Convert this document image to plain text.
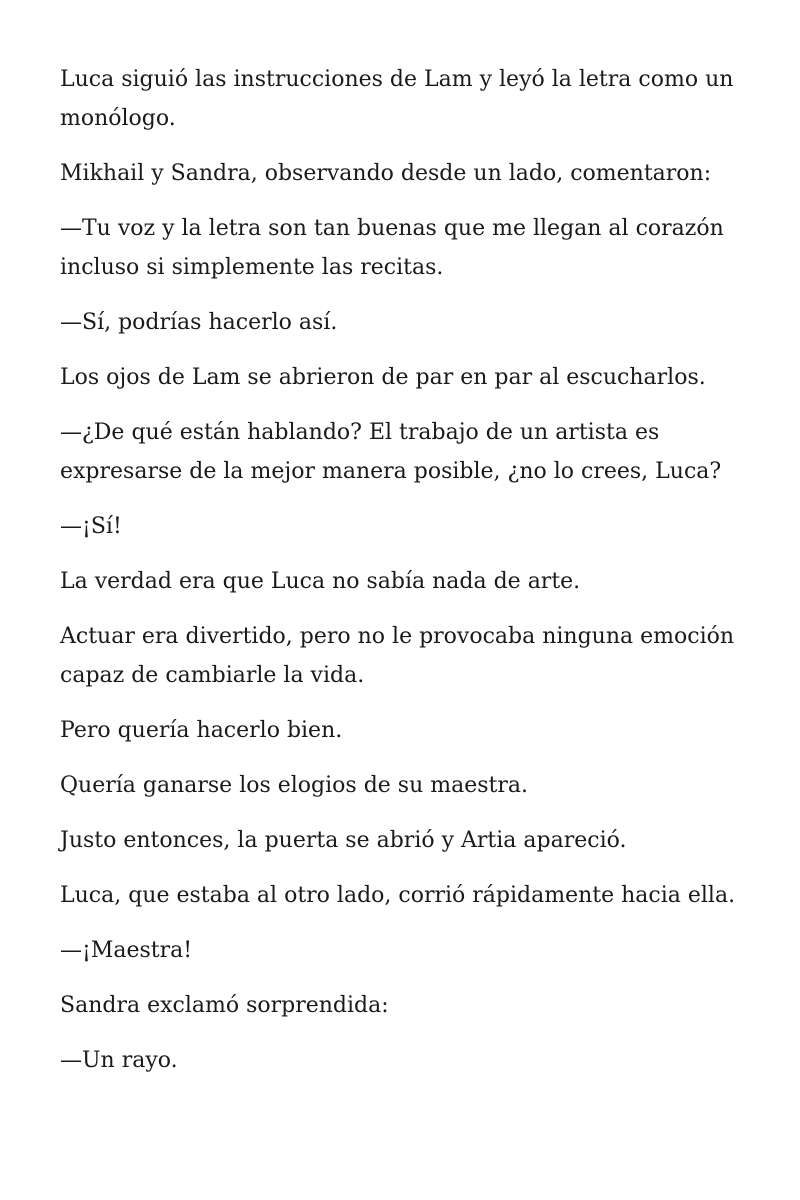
Luca siguió las instrucciones de Lam y leyó la letra como un monólogo.

Mikhail y Sandra, observando desde un lado, comentaron:

—Tu voz y la letra son tan buenas que me llegan al corazón incluso si simplemente las recitas.

—Sí, podrías hacerlo así.

Los ojos de Lam se abrieron de par en par al escucharlos.

—¿De qué están hablando? El trabajo de un artista es expresarse de la mejor manera posible, ¿no lo crees, Luca?

—¡Sí!

La verdad era que Luca no sabía nada de arte.

Actuar era divertido, pero no le provocaba ninguna emoción capaz de cambiarle la vida.

Pero quería hacerlo bien.

Quería ganarse los elogios de su maestra.

Justo entonces, la puerta se abrió y Artia apareció.

Luca, que estaba al otro lado, corrió rápidamente hacia ella.

—¡Maestra!

Sandra exclamó sorprendida:

—Un rayo.
